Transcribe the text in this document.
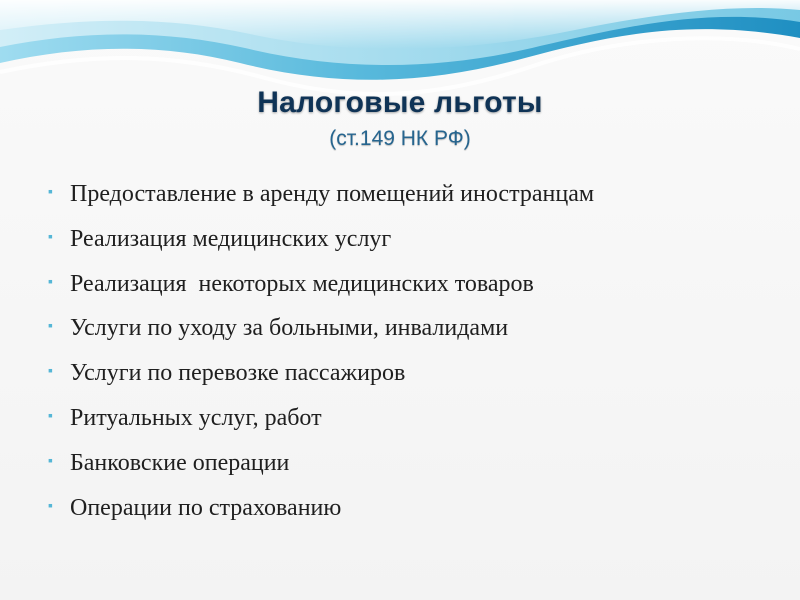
Налоговые льготы
(ст.149 НК РФ)
▪ Предоставление в аренду помещений иностранцам
▪ Реализация медицинских услуг
▪ Реализация  некоторых медицинских товаров
▪ Услуги по уходу за больными, инвалидами
▪ Услуги по перевозке пассажиров
▪ Ритуальных услуг, работ
▪ Банковские операции
▪ Операции по страхованию
